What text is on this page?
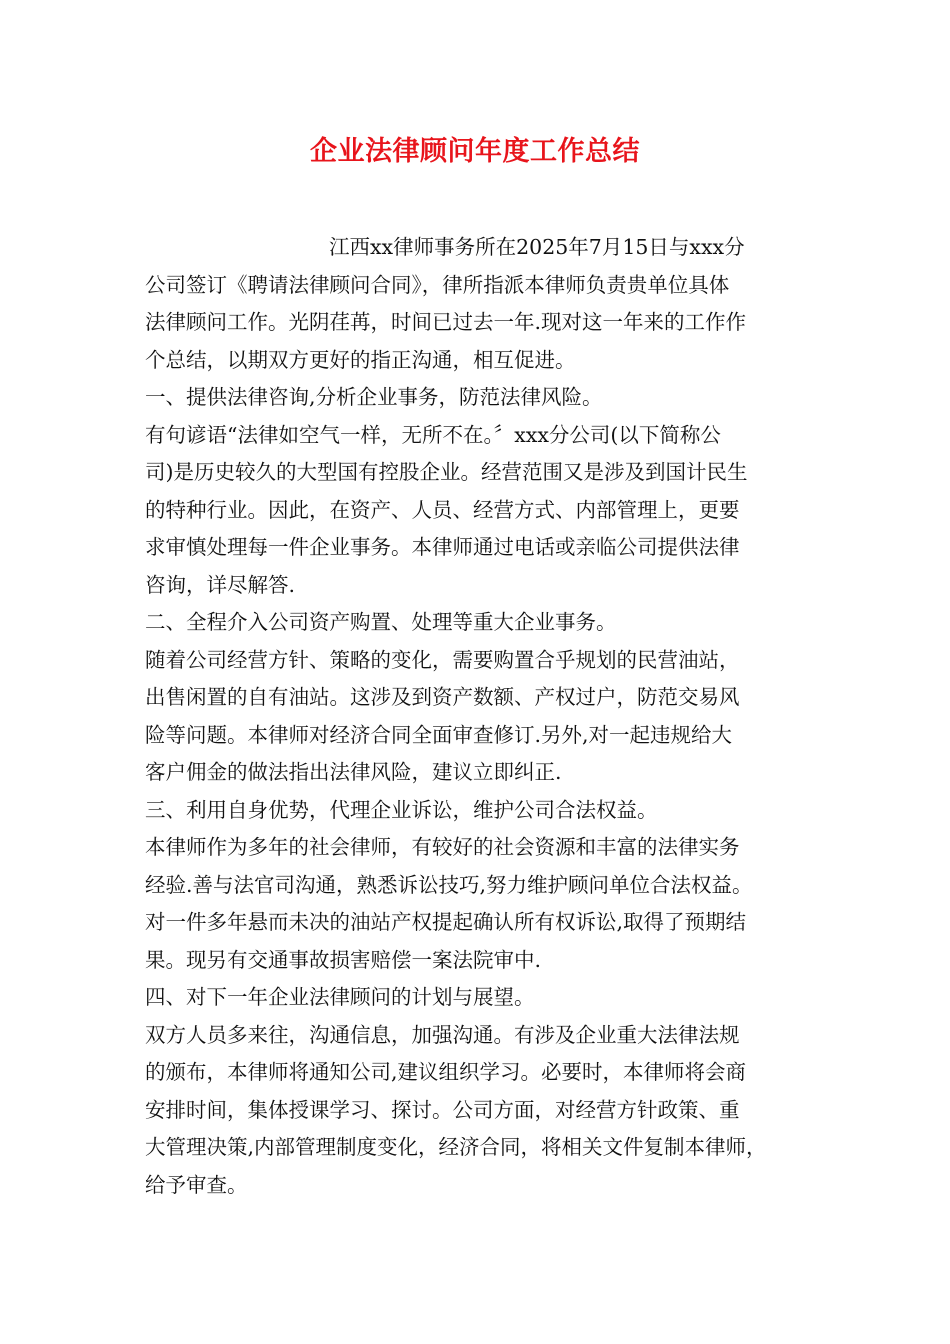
企业法律顾问年度工作总结
江西xx律师事务所在2025年7月15日与xxx分
公司签订《聘请法律顾问合同》，律所指派本律师负责贵单位具体
法律顾问工作。光阴荏苒，时间已过去一年.现对这一年来的工作作
个总结，以期双方更好的指正沟通，相互促进。
一、提供法律咨询,分析企业事务，防范法律风险。
有句谚语“法律如空气一样，无所不在。〞xxx分公司(以下简称公
司)是历史较久的大型国有控股企业。经营范围又是涉及到国计民生
的特种行业。因此，在资产、人员、经营方式、内部管理上，更要
求审慎处理每一件企业事务。本律师通过电话或亲临公司提供法律
咨询，详尽解答.
二、全程介入公司资产购置、处理等重大企业事务。
随着公司经营方针、策略的变化，需要购置合乎规划的民营油站，
出售闲置的自有油站。这涉及到资产数额、产权过户，防范交易风
险等问题。本律师对经济合同全面审查修订.另外,对一起违规给大
客户佣金的做法指出法律风险，建议立即纠正.
三、利用自身优势，代理企业诉讼，维护公司合法权益。
本律师作为多年的社会律师，有较好的社会资源和丰富的法律实务
经验.善与法官司沟通，熟悉诉讼技巧,努力维护顾问单位合法权益。
对一件多年悬而未决的油站产权提起确认所有权诉讼,取得了预期结
果。现另有交通事故损害赔偿一案法院审中.
四、对下一年企业法律顾问的计划与展望。
双方人员多来往，沟通信息，加强沟通。有涉及企业重大法律法规
的颁布，本律师将通知公司,建议组织学习。必要时，本律师将会商
安排时间，集体授课学习、探讨。公司方面，对经营方针政策、重
大管理决策,内部管理制度变化，经济合同，将相关文件复制本律师，
给予审查。
